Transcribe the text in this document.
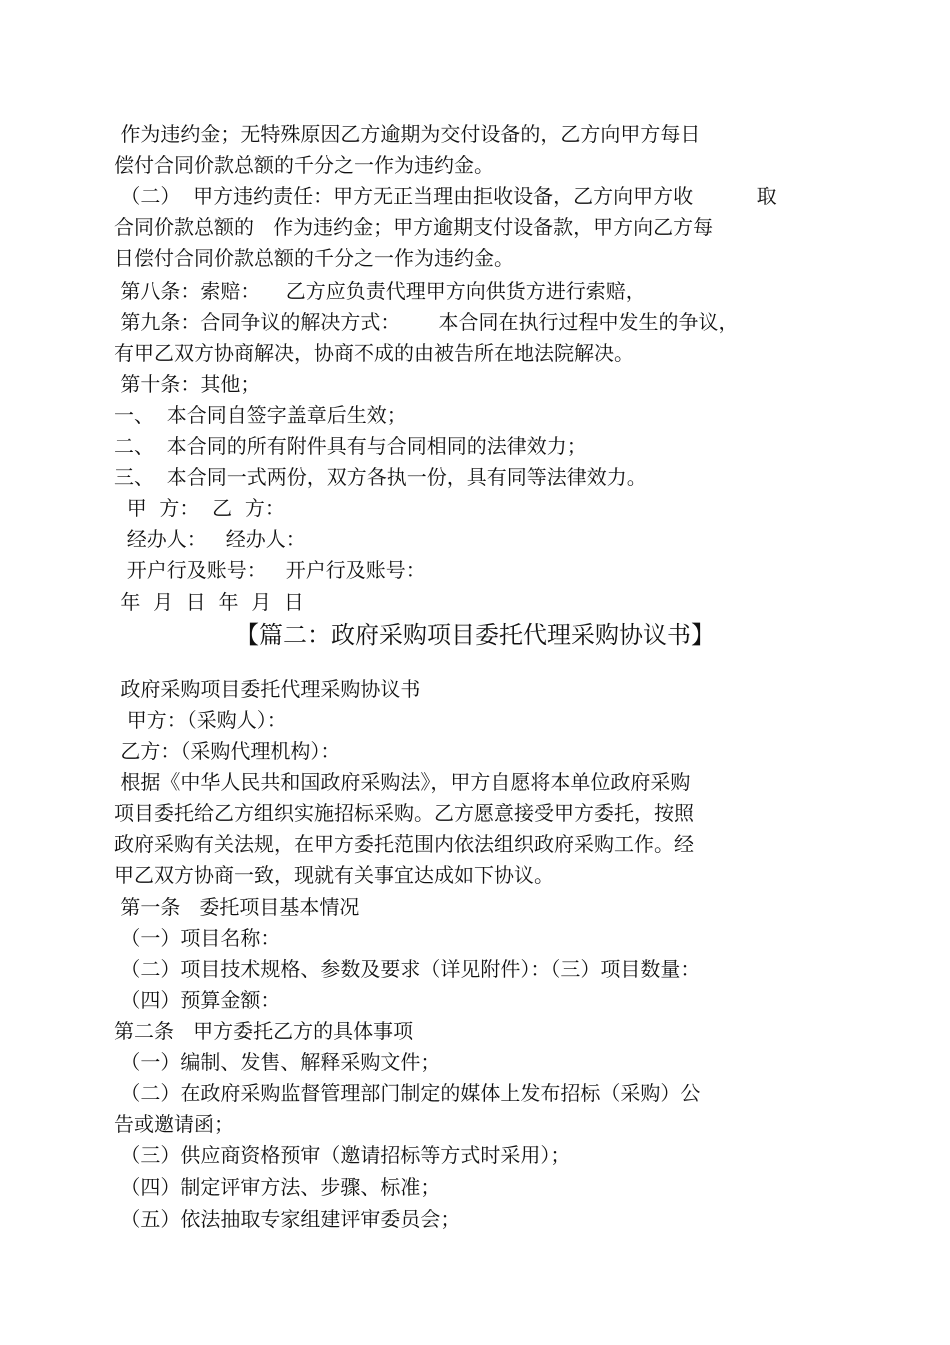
作为违约金；无特殊原因乙方逾期为交付设备的，乙方向甲方每日
偿付合同价款总额的千分之一作为违约金。
（二）  甲方违约责任：甲方无正当理由拒收设备，乙方向甲方收          取
合同价款总额的   作为违约金；甲方逾期支付设备款，甲方向乙方每
日偿付合同价款总额的千分之一作为违约金。
第八条：索赔：    乙方应负责代理甲方向供货方进行索赔，
第九条：合同争议的解决方式：      本合同在执行过程中发生的争议，
有甲乙双方协商解决，协商不成的由被告所在地法院解决。
第十条：其他；
一、  本合同自签字盖章后生效；
二、  本合同的所有附件具有与合同相同的法律效力；
三、  本合同一式两份，双方各执一份，具有同等法律效力。
甲  方：  乙  方：
经办人：   经办人：
开户行及账号：   开户行及账号：
年  月  日  年  月  日
【篇二：政府采购项目委托代理采购协议书】
政府采购项目委托代理采购协议书
甲方：（采购人）：
乙方：（采购代理机构）：
根据《中华人民共和国政府采购法》，甲方自愿将本单位政府采购
项目委托给乙方组织实施招标采购。乙方愿意接受甲方委托，按照
政府采购有关法规，在甲方委托范围内依法组织政府采购工作。经
甲乙双方协商一致，现就有关事宜达成如下协议。
第一条   委托项目基本情况
（一）项目名称：
（二）项目技术规格、参数及要求（详见附件）：（三）项目数量：
（四）预算金额：
第二条   甲方委托乙方的具体事项
（一）编制、发售、解释采购文件；
（二）在政府采购监督管理部门制定的媒体上发布招标（采购）公
告或邀请函；
（三）供应商资格预审（邀请招标等方式时采用）；
（四）制定评审方法、步骤、标准；
（五）依法抽取专家组建评审委员会；
